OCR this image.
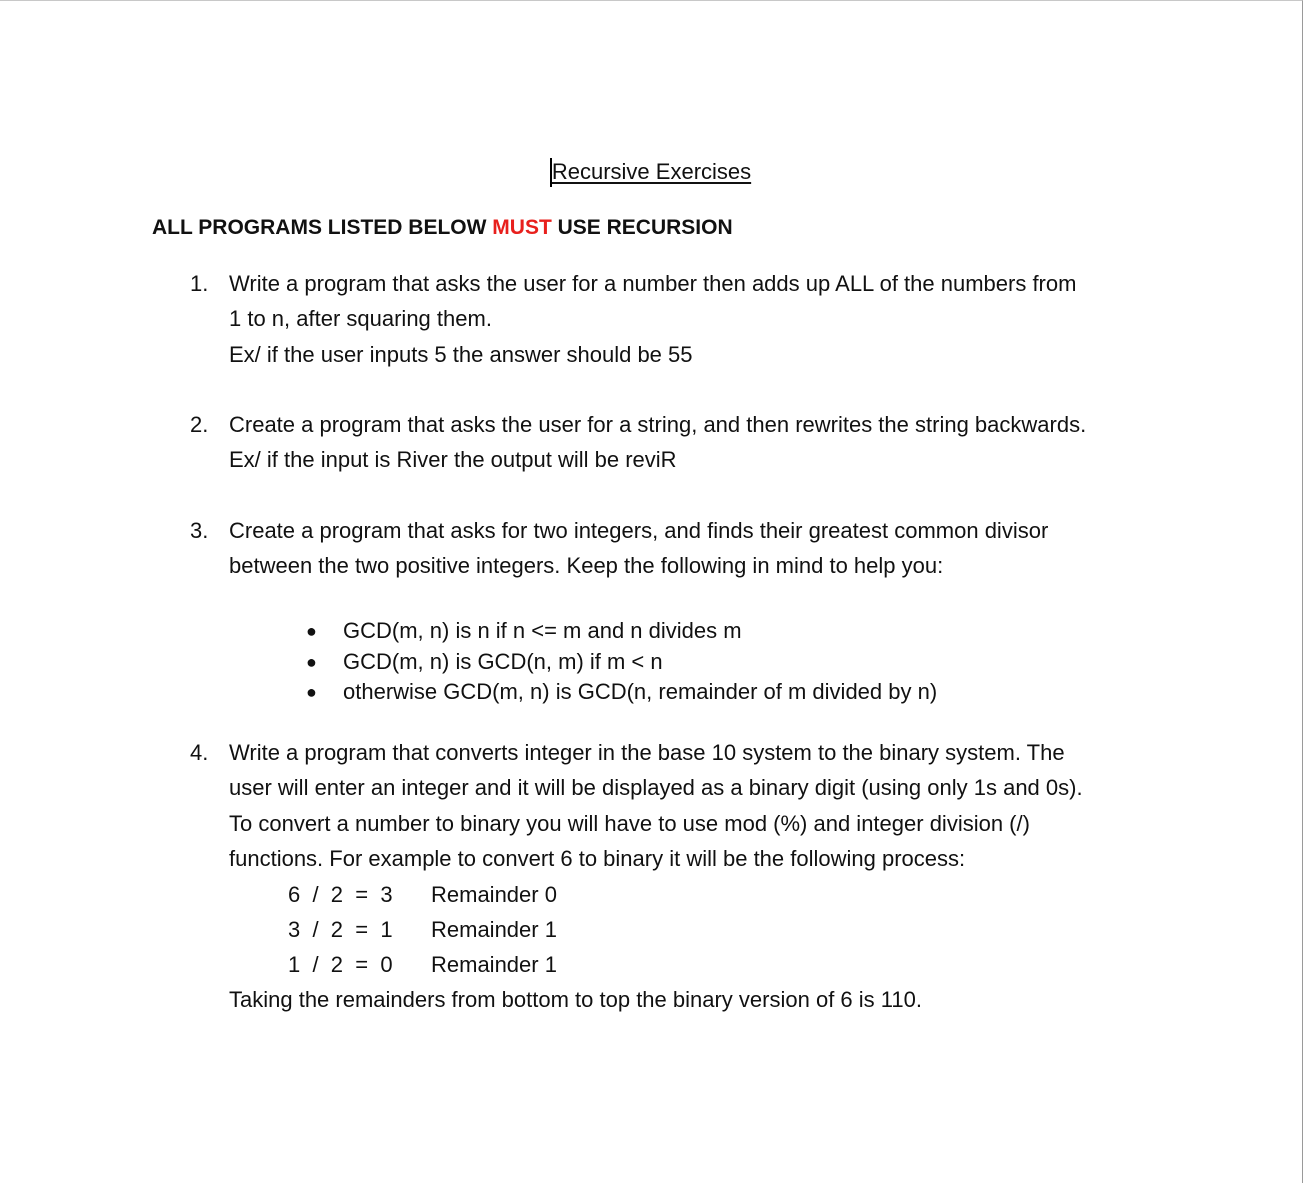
Recursive Exercises
ALL PROGRAMS LISTED BELOW MUST USE RECURSION
1. Write a program that asks the user for a number then adds up ALL of the numbers from
1 to n, after squaring them.
Ex/ if the user inputs 5 the answer should be 55
2. Create a program that asks the user for a string, and then rewrites the string backwards.
Ex/ if the input is River the output will be reviR
3. Create a program that asks for two integers, and finds their greatest common divisor
between the two positive integers. Keep the following in mind to help you:
● GCD(m, n) is n if n <= m and n divides m
● GCD(m, n) is GCD(n, m) if m < n
● otherwise GCD(m, n) is GCD(n, remainder of m divided by n)
4. Write a program that converts integer in the base 10 system to the binary system. The
user will enter an integer and it will be displayed as a binary digit (using only 1s and 0s).
To convert a number to binary you will have to use mod (%) and integer division (/)
functions. For example to convert 6 to binary it will be the following process:
6  /  2  =  3 Remainder 0
3  /  2  =  1 Remainder 1
1  /  2  =  0 Remainder 1
Taking the remainders from bottom to top the binary version of 6 is 110.
